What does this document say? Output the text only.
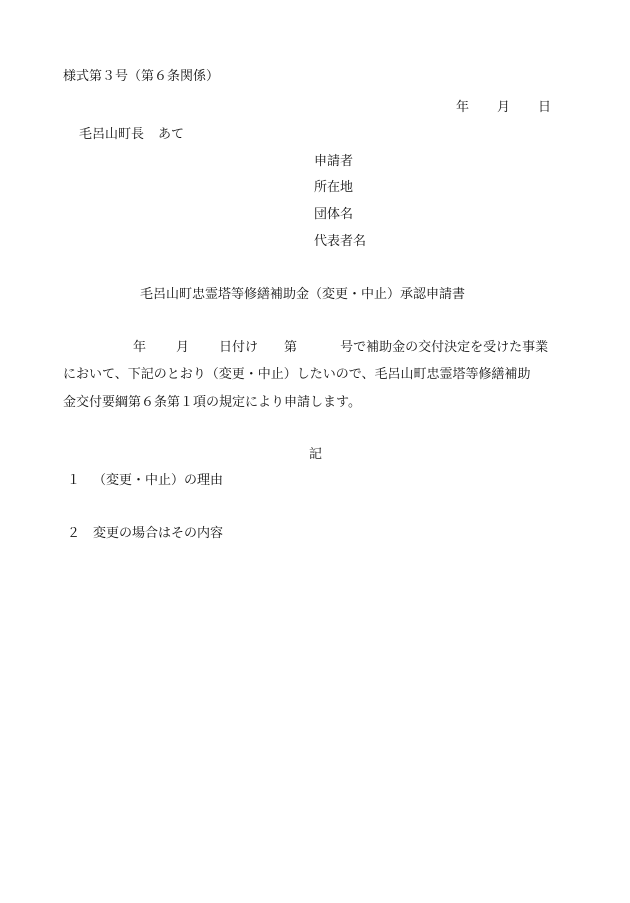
様式第３号（第６条関係）
年 月 日
毛呂山町長 あて
申請者
所在地
団体名
代表者名
毛呂山町忠霊塔等修繕補助金（変更・中止）承認申請書
年 月 日付け 第	号で補助金の交付決定を受けた事業
において、下記のとおり（変更・中止）したいので、毛呂山町忠霊塔等修繕補助
金交付要綱第６条第１項の規定により申請します。
記
１ （変更・中止）の理由
２ 変更の場合はその内容
